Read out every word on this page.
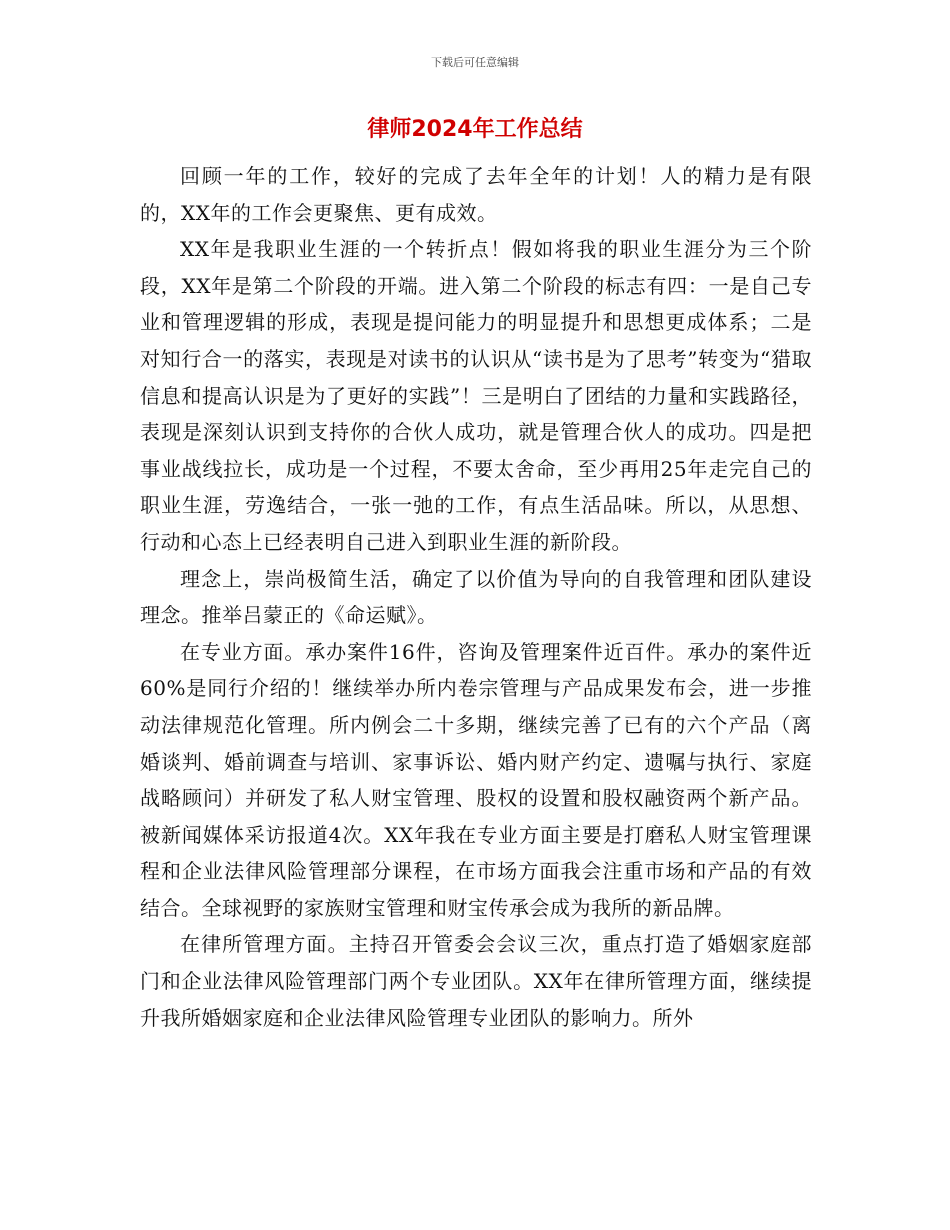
下载后可任意编辑
律师2024年工作总结

回顾一年的工作，较好的完成了去年全年的计划！人的精力是有限的，XX年的工作会更聚焦、更有成效。

XX年是我职业生涯的一个转折点！假如将我的职业生涯分为三个阶段，XX年是第二个阶段的开端。进入第二个阶段的标志有四：一是自己专业和管理逻辑的形成，表现是提问能力的明显提升和思想更成体系；二是对知行合一的落实，表现是对读书的认识从“读书是为了思考”转变为“猎取信息和提高认识是为了更好的实践”！三是明白了团结的力量和实践路径，表现是深刻认识到支持你的合伙人成功，就是管理合伙人的成功。四是把事业战线拉长，成功是一个过程，不要太舍命，至少再用25年走完自己的职业生涯，劳逸结合，一张一弛的工作，有点生活品味。所以，从思想、行动和心态上已经表明自己进入到职业生涯的新阶段。

理念上，崇尚极简生活，确定了以价值为导向的自我管理和团队建设理念。推举吕蒙正的《命运赋》。

在专业方面。承办案件16件，咨询及管理案件近百件。承办的案件近60%是同行介绍的！继续举办所内卷宗管理与产品成果发布会，进一步推动法律规范化管理。所内例会二十多期，继续完善了已有的六个产品（离婚谈判、婚前调查与培训、家事诉讼、婚内财产约定、遗嘱与执行、家庭战略顾问）并研发了私人财宝管理、股权的设置和股权融资两个新产品。被新闻媒体采访报道4次。XX年我在专业方面主要是打磨私人财宝管理课程和企业法律风险管理部分课程，在市场方面我会注重市场和产品的有效结合。全球视野的家族财宝管理和财宝传承会成为我所的新品牌。

在律所管理方面。主持召开管委会会议三次，重点打造了婚姻家庭部门和企业法律风险管理部门两个专业团队。XX年在律所管理方面，继续提升我所婚姻家庭和企业法律风险管理专业团队的影响力。所外
